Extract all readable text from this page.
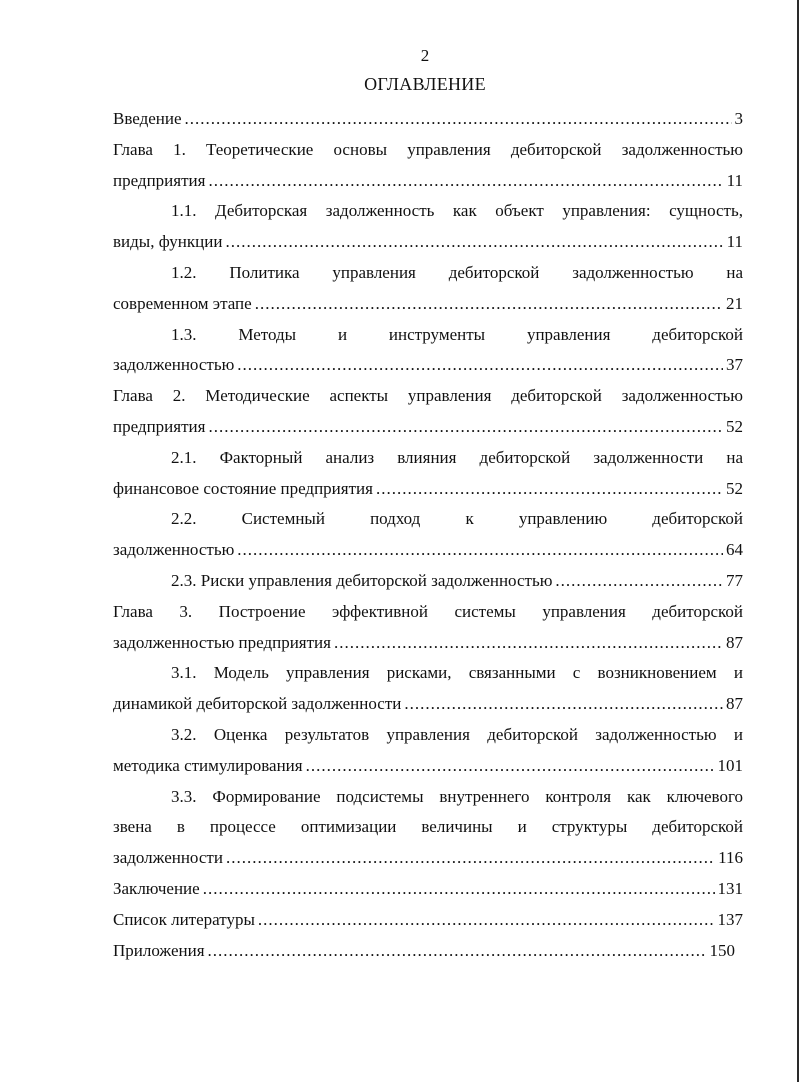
2
ОГЛАВЛЕНИЕ
Введение .....	3
Глава 1. Теоретические основы управления дебиторской задолженностью
предприятия .....	11
1.1. Дебиторская задолженность как объект управления: сущность,
виды, функции .....	11
1.2. Политика управления дебиторской задолженностью на
современном этапе .....	21
1.3. Методы и инструменты управления дебиторской
задолженностью .....	37
Глава 2. Методические аспекты управления дебиторской задолженностью
предприятия .....	52
2.1. Факторный анализ влияния дебиторской задолженности на
финансовое состояние предприятия .....	52
2.2. Системный подход к управлению дебиторской
задолженностью .....	64
2.3. Риски управления дебиторской задолженностью .....	77
Глава 3. Построение эффективной системы управления дебиторской
задолженностью предприятия .....	87
3.1. Модель управления рисками, связанными с возникновением и
динамикой дебиторской задолженности .....	87
3.2. Оценка результатов управления дебиторской задолженностью и
методика стимулирования .....	101
3.3. Формирование подсистемы внутреннего контроля как ключевого
звена в процессе оптимизации величины и структуры дебиторской
задолженности .....	116
Заключение .....	131
Список литературы .....	137
Приложения .....	150
